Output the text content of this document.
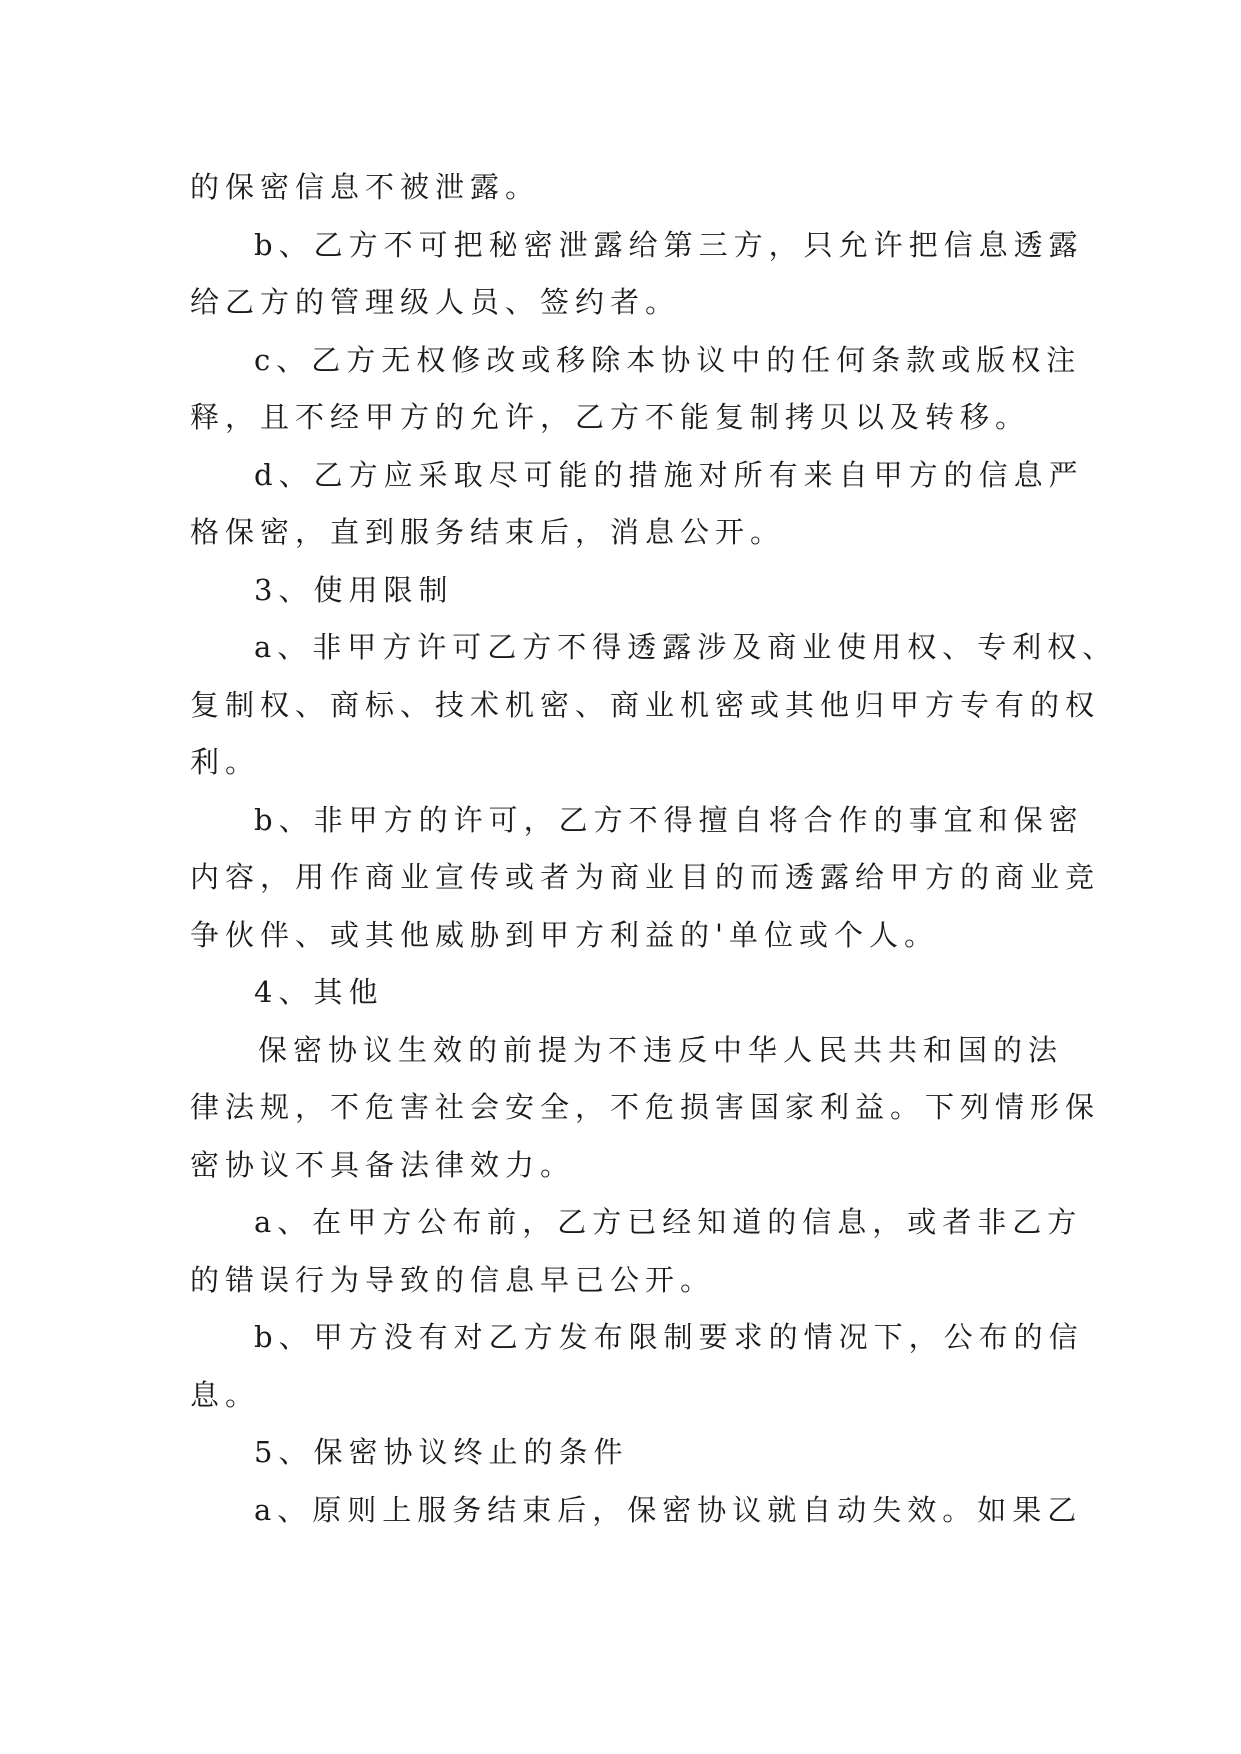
的保密信息不被泄露。
b、乙方不可把秘密泄露给第三方，只允许把信息透露
给乙方的管理级人员、签约者。
c、乙方无权修改或移除本协议中的任何条款或版权注
释，且不经甲方的允许，乙方不能复制拷贝以及转移。
d、乙方应采取尽可能的措施对所有来自甲方的信息严
格保密，直到服务结束后，消息公开。
3、使用限制
a、非甲方许可乙方不得透露涉及商业使用权、专利权、
复制权、商标、技术机密、商业机密或其他归甲方专有的权
利。
b、非甲方的许可，乙方不得擅自将合作的事宜和保密
内容，用作商业宣传或者为商业目的而透露给甲方的商业竞
争伙伴、或其他威胁到甲方利益的'单位或个人。
4、其他
保密协议生效的前提为不违反中华人民共共和国的法
律法规，不危害社会安全，不危损害国家利益。下列情形保
密协议不具备法律效力。
a、在甲方公布前，乙方已经知道的信息，或者非乙方
的错误行为导致的信息早已公开。
b、甲方没有对乙方发布限制要求的情况下，公布的信
息。
5、保密协议终止的条件
a、原则上服务结束后，保密协议就自动失效。如果乙
